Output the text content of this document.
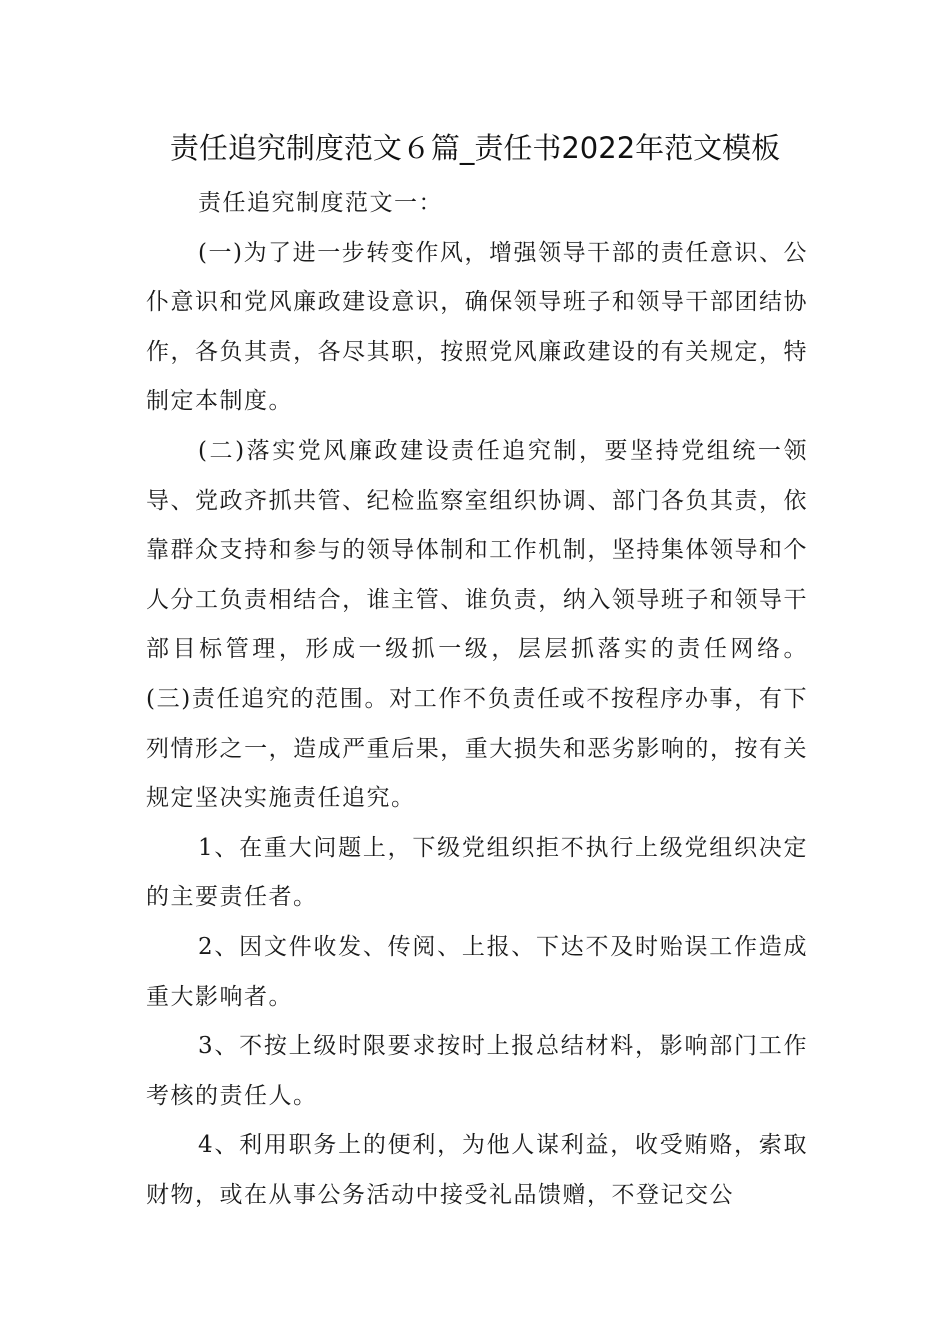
责任追究制度范文６篇_责任书2022年范文模板

责任追究制度范文一：

(一)为了进一步转变作风，增强领导干部的责任意识、公仆意识和党风廉政建设意识，确保领导班子和领导干部团结协作，各负其责，各尽其职，按照党风廉政建设的有关规定，特制定本制度。

(二)落实党风廉政建设责任追究制，要坚持党组统一领导、党政齐抓共管、纪检监察室组织协调、部门各负其责，依靠群众支持和参与的领导体制和工作机制，坚持集体领导和个人分工负责相结合，谁主管、谁负责，纳入领导班子和领导干部目标管理，形成一级抓一级，层层抓落实的责任网络。 (三)责任追究的范围。对工作不负责任或不按程序办事，有下列情形之一，造成严重后果，重大损失和恶劣影响的，按有关规定坚决实施责任追究。

1、在重大问题上，下级党组织拒不执行上级党组织决定的主要责任者。

2、因文件收发、传阅、上报、下达不及时贻误工作造成重大影响者。

3、不按上级时限要求按时上报总结材料，影响部门工作考核的责任人。

4、利用职务上的便利，为他人谋利益，收受贿赂，索取财物，或在从事公务活动中接受礼品馈赠，不登记交公
